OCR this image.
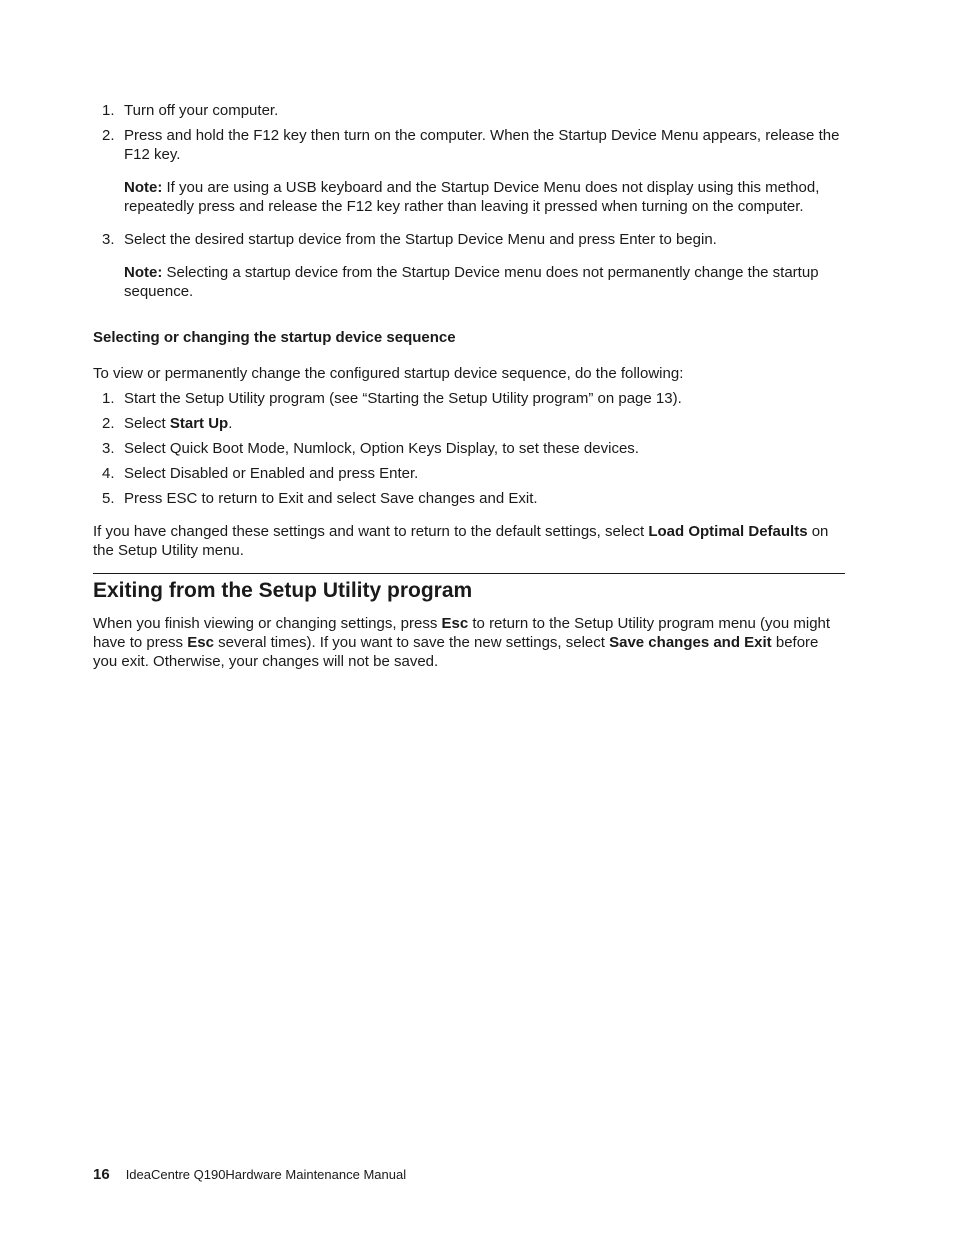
1. Turn off your computer.
2. Press and hold the F12 key then turn on the computer. When the Startup Device Menu appears, release the F12 key.

Note: If you are using a USB keyboard and the Startup Device Menu does not display using this method, repeatedly press and release the F12 key rather than leaving it pressed when turning on the computer.

3. Select the desired startup device from the Startup Device Menu and press Enter to begin.

Note: Selecting a startup device from the Startup Device menu does not permanently change the startup sequence.

Selecting or changing the startup device sequence

To view or permanently change the configured startup device sequence, do the following:

1. Start the Setup Utility program (see “Starting the Setup Utility program” on page 13).
2. Select Start Up.
3. Select Quick Boot Mode, Numlock, Option Keys Display, to set these devices.
4. Select Disabled or Enabled and press Enter.
5. Press ESC to return to Exit and select Save changes and Exit.

If you have changed these settings and want to return to the default settings, select Load Optimal Defaults on the Setup Utility menu.

Exiting from the Setup Utility program

When you finish viewing or changing settings, press Esc to return to the Setup Utility program menu (you might have to press Esc several times). If you want to save the new settings, select Save changes and Exit before you exit. Otherwise, your changes will not be saved.

16 IdeaCentre Q190Hardware Maintenance Manual
